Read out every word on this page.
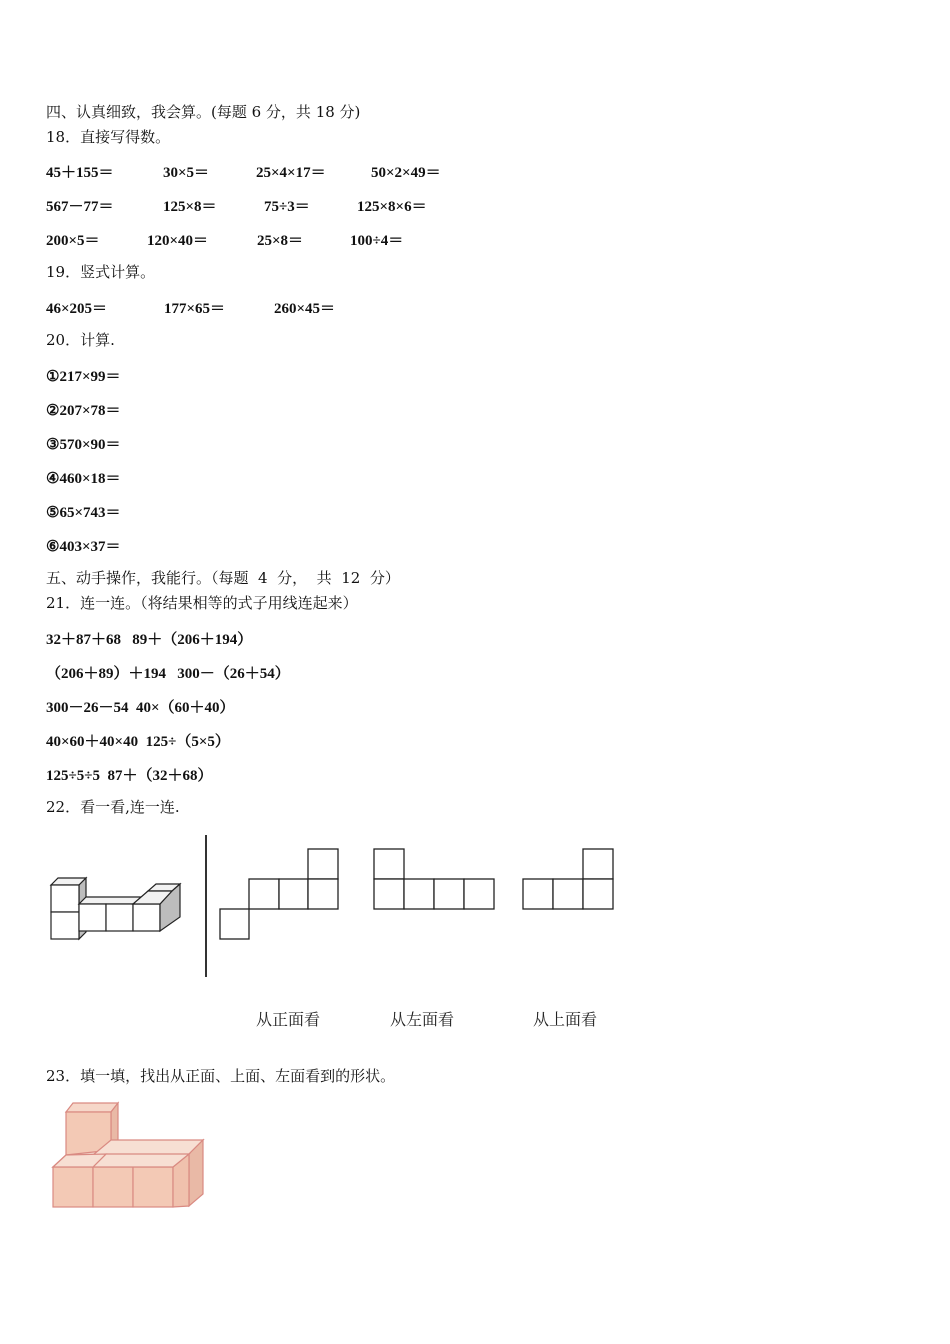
四、认真细致，我会算。(每题 6 分，共 18 分)
18．直接写得数。
45＋155＝	30×5＝	25×4×17＝	50×2×49＝
567－77＝	125×8＝	75÷3＝	125×8×6＝
200×5＝	120×40＝	25×8＝	100÷4＝
19．竖式计算。
46×205＝	177×65＝	260×45＝
20．计算.
①217×99＝
②207×78＝
③570×90＝
④460×18＝
⑤65×743＝
⑥403×37＝
五、动手操作，我能行。（每题  4  分，  共  12  分）
21．连一连。（将结果相等的式子用线连起来）
32＋87＋68   89＋（206＋194）
（206＋89）＋194   300－（26＋54）
300－26－54  40×（60＋40）
40×60＋40×40  125÷（5×5）
125÷5÷5  87＋（32＋68）
22．看一看,连一连.
从正面看	从左面看	从上面看
23．填一填，找出从正面、上面、左面看到的形状。
